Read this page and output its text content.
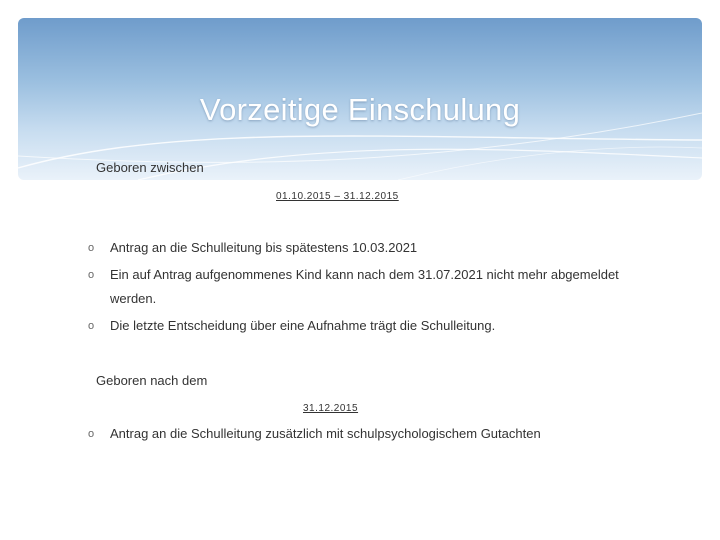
Vorzeitige Einschulung
Geboren zwischen
01.10.2015 – 31.12.2015
o Antrag an die Schulleitung bis spätestens 10.03.2021
o Ein auf Antrag aufgenommenes Kind kann nach dem 31.07.2021 nicht mehr abgemeldet
werden.
o Die letzte Entscheidung über eine Aufnahme trägt die Schulleitung.
Geboren nach dem
31.12.2015
o Antrag an die Schulleitung zusätzlich mit schulpsychologischem Gutachten
